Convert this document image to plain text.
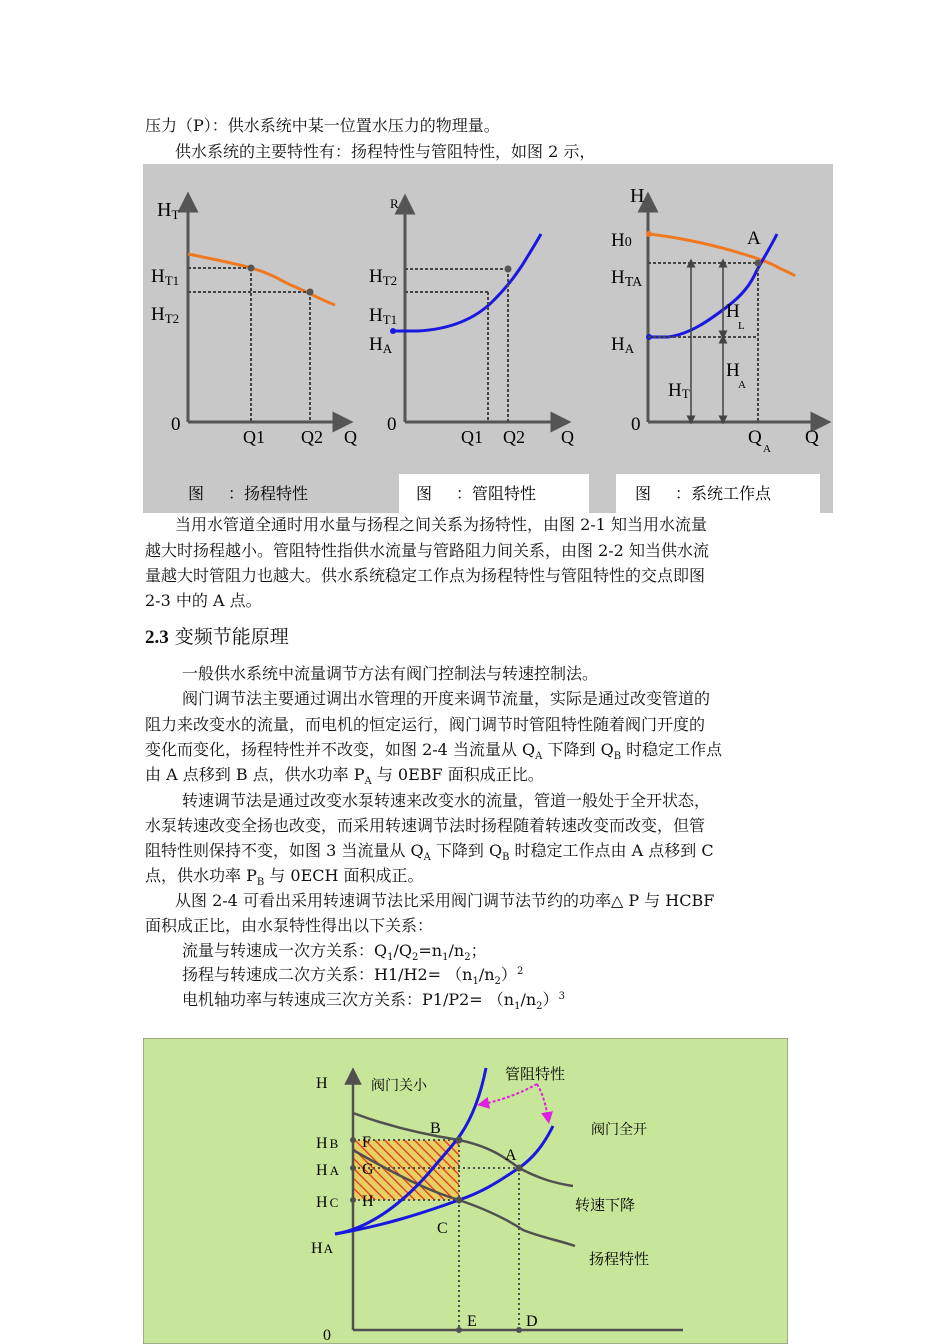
压力（P）：供水系统中某一位置水压力的物理量。
供水系统的主要特性有：扬程特性与管阻特性，如图 2 示，
HT
HT1
HT2
0
Q1 Q2 Q
R
HT2
HT1
HA
0
Q1 Q2 Q
H
H0
HTA
HA
A
H
L
H
A
HT
0
Q
A
Q
图      ：扬程特性	图      ：管阻特性	图      ：系统工作点
当用水管道全通时用水量与扬程之间关系为扬特性，由图 2-1 知当用水流量
越大时扬程越小。管阻特性指供水流量与管路阻力间关系，由图 2-2 知当供水流
量越大时管阻力也越大。供水系统稳定工作点为扬程特性与管阻特性的交点即图
2-3 中的 A 点。
2.3 变频节能原理
一般供水系统中流量调节方法有阀门控制法与转速控制法。
阀门调节法主要通过调出水管理的开度来调节流量，实际是通过改变管道的
阻力来改变水的流量，而电机的恒定运行，阀门调节时管阻特性随着阀门开度的
变化而变化，扬程特性并不改变，如图 2-4 当流量从 $Q_A$ 下降到 $Q_B$ 时稳定工作点
由 A 点移到 B 点，供水功率 $P_A$ 与 0EBF 面积成正比。
转速调节法是通过改变水泵转速来改变水的流量，管道一般处于全开状态，
水泵转速改变全扬也改变，而采用转速调节法时扬程随着转速改变而改变，但管
阻特性则保持不变，如图 3 当流量从 $Q_A$ 下降到 $Q_B$ 时稳定工作点由 A 点移到 C
点，供水功率 $P_B$ 与 0ECH 面积成正。
从图 2-4 可看出采用转速调节法比采用阀门调节法节约的功率△ P 与 HCBF
面积成正比，由水泵特性得出以下关系：
流量与转速成一次方关系：$Q_1/Q_2=n_1/n_2$；
扬程与转速成二次方关系：$H1/H2= (n_1/n_2)^2$
电机轴功率与转速成三次方关系：$P1/P2= (n_1/n_2)^3$
H	阀门关小
管阻特性
阀门全开
转速下降
扬程特性
H B
H A
H C
HA
F
G
H
B
A
C
E	D
0
